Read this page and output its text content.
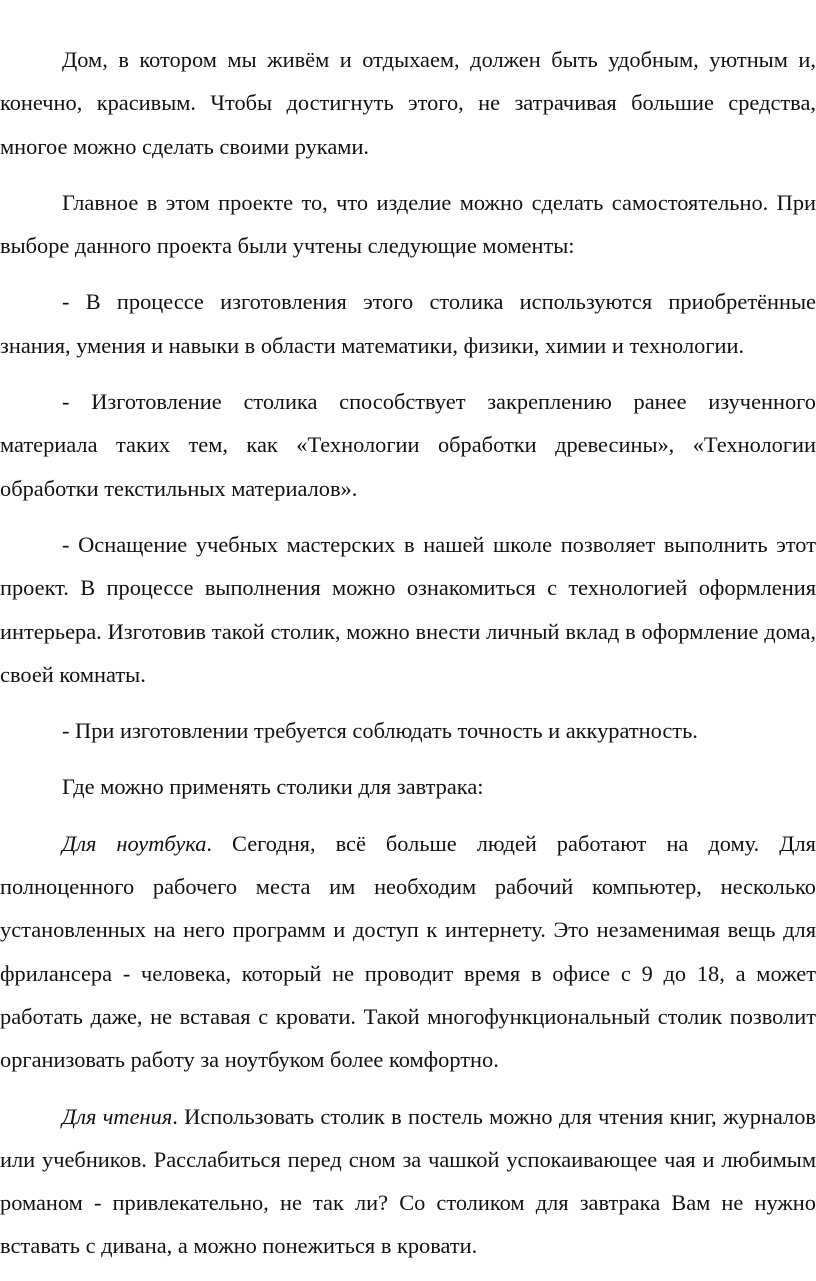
Дом, в котором мы живём и отдыхаем, должен быть удобным, уютным и, конечно, красивым. Чтобы достигнуть этого, не затрачивая большие средства, многое можно сделать своими руками.

Главное в этом проекте то, что изделие можно сделать самостоятельно. При выборе данного проекта были учтены следующие моменты:

- В процессе изготовления этого столика используются приобретённые знания, умения и навыки в области математики, физики, химии и технологии.

- Изготовление столика способствует закреплению ранее изученного материала таких тем, как «Технологии обработки древесины», «Технологии обработки текстильных материалов».

- Оснащение учебных мастерских в нашей школе позволяет выполнить этот проект. В процессе выполнения можно ознакомиться с технологией оформления интерьера. Изготовив такой столик, можно внести личный вклад в оформление дома, своей комнаты.

- При изготовлении требуется соблюдать точность и аккуратность.

Где можно применять столики для завтрака:

Для ноутбука. Сегодня, всё больше людей работают на дому. Для полноценного рабочего места им необходим рабочий компьютер, несколько установленных на него программ и доступ к интернету. Это незаменимая вещь для фрилансера - человека, который не проводит время в офисе с 9 до 18, а может работать даже, не вставая с кровати. Такой многофункциональный столик позволит организовать работу за ноутбуком более комфортно.

Для чтения. Использовать столик в постель можно для чтения книг, журналов или учебников. Расслабиться перед сном за чашкой успокаивающее чая и любимым романом - привлекательно, не так ли? Со столиком для завтрака Вам не нужно вставать с дивана, а можно понежиться в кровати.
